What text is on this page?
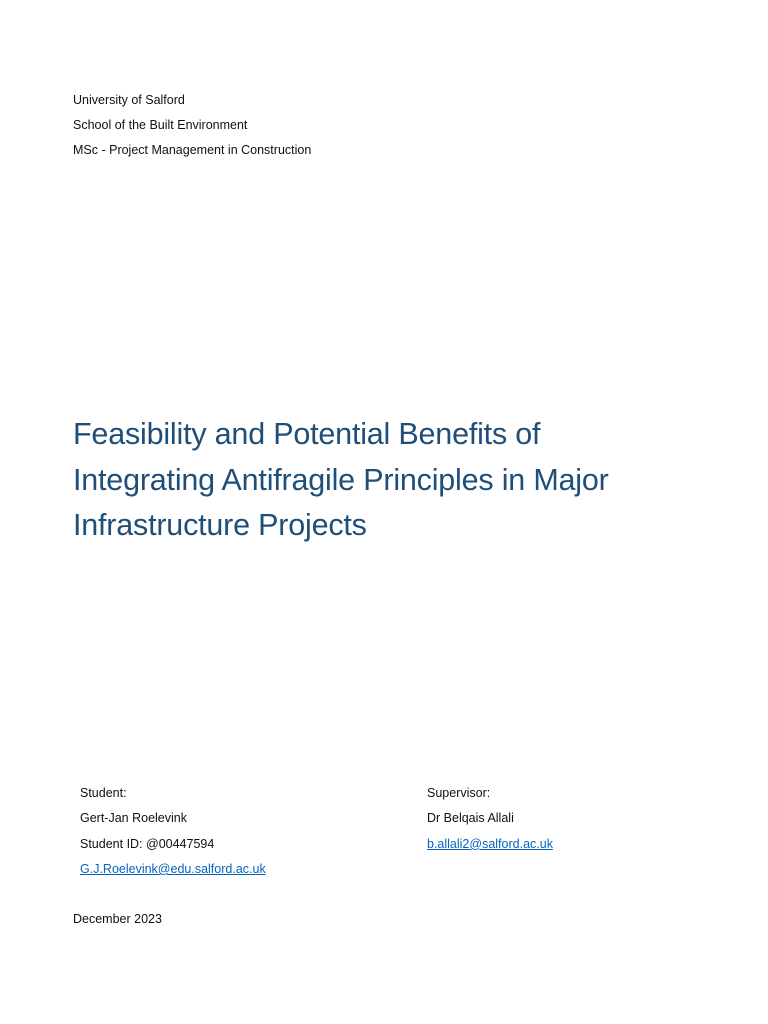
University of Salford
School of the Built Environment
MSc - Project Management in Construction
Feasibility and Potential Benefits of
Integrating Antifragile Principles in Major
Infrastructure Projects
Student:
Gert-Jan Roelevink
Student ID: @00447594
G.J.Roelevink@edu.salford.ac.uk
Supervisor:
Dr Belqais Allali
b.allali2@salford.ac.uk
December 2023
